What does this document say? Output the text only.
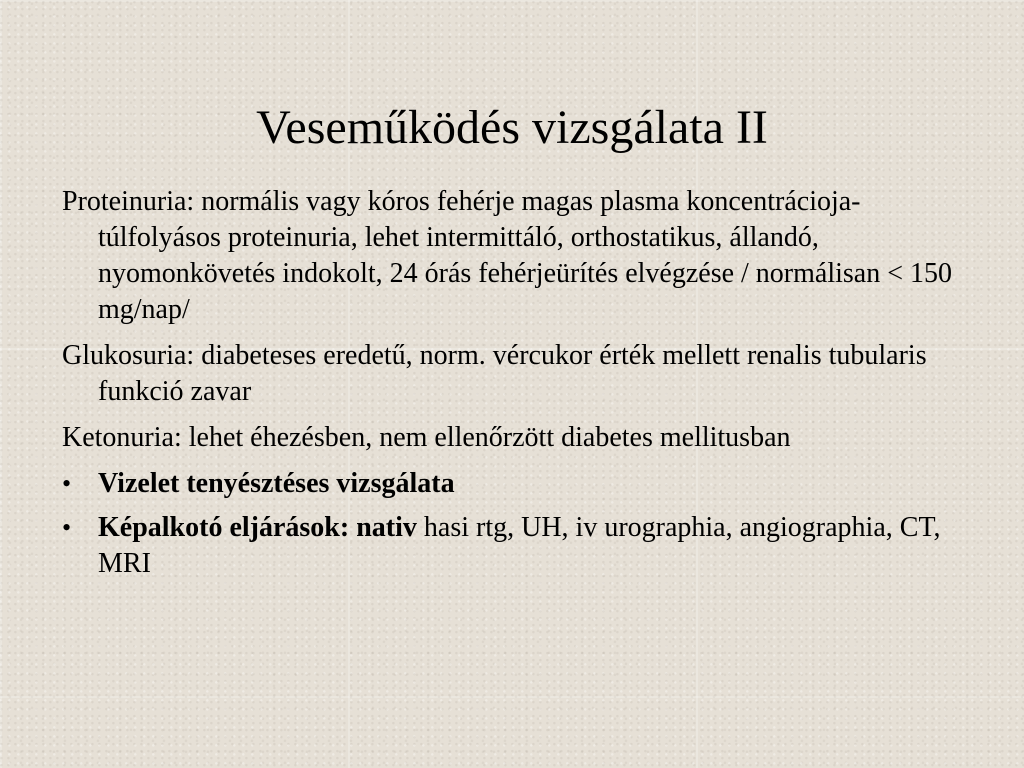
Veseműködés vizsgálata II

Proteinuria: normális vagy kóros fehérje magas plasma koncentrácioja- túlfolyásos proteinuria, lehet intermittáló, orthostatikus, állandó, nyomonkövetés indokolt, 24 órás fehérjeürítés elvégzése / normálisan < 150 mg/nap/

Glukosuria: diabeteses eredetű, norm. vércukor érték mellett renalis tubularis funkció zavar

Ketonuria: lehet éhezésben, nem ellenőrzött diabetes mellitusban

• Vizelet tenyésztéses vizsgálata
• Képalkotó eljárások: nativ hasi rtg, UH, iv urographia, angiographia, CT, MRI
